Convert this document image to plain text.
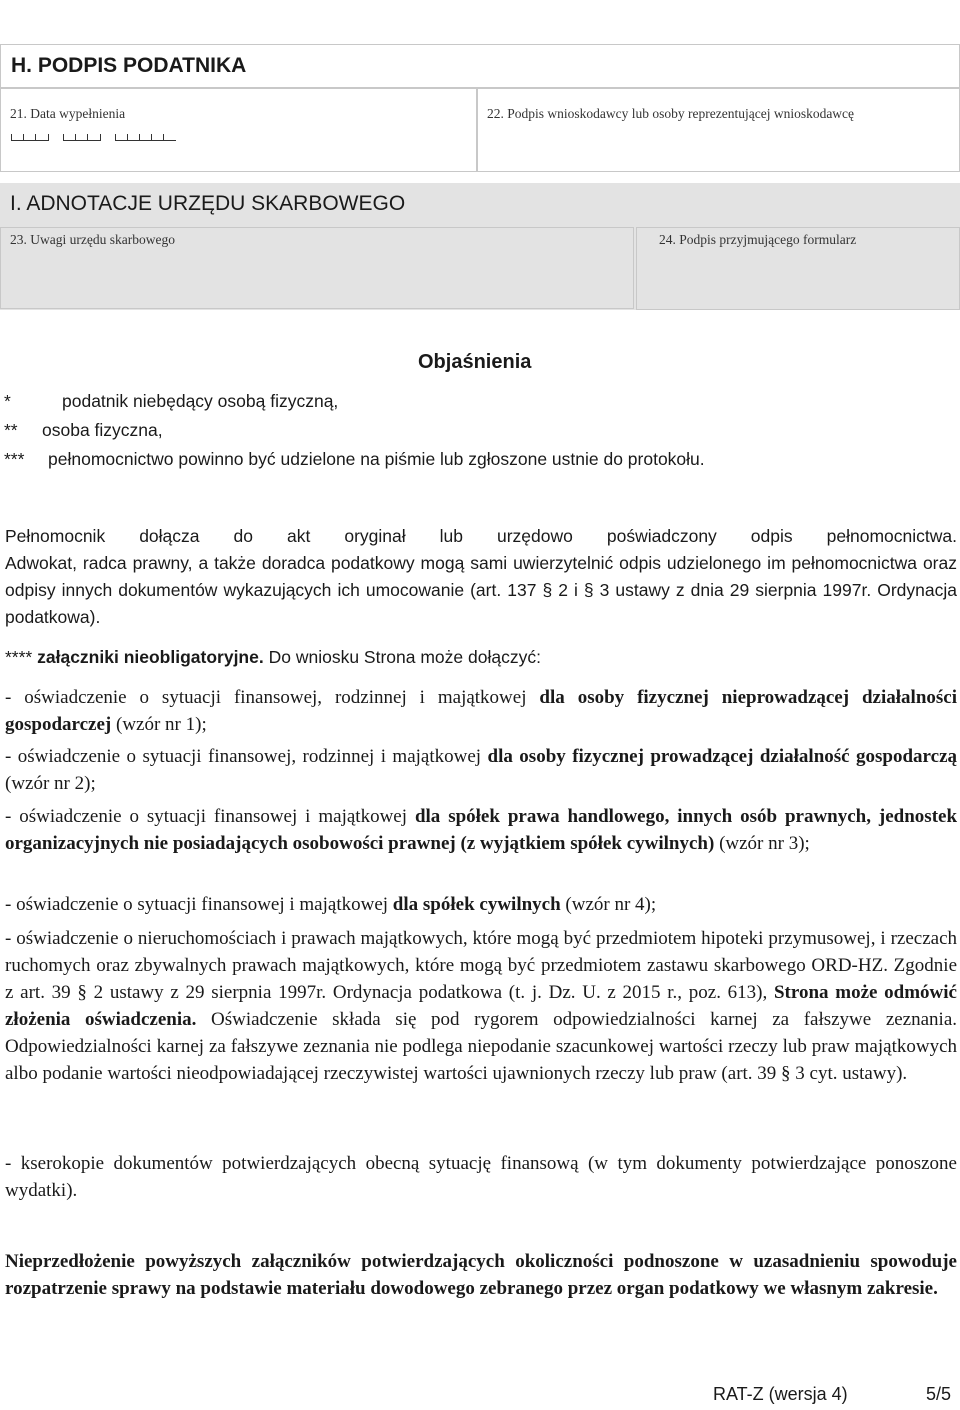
H. PODPIS PODATNIKA
21. Data wypełnienia	22. Podpis wnioskodawcy lub osoby reprezentującej wnioskodawcę
I. ADNOTACJE URZĘDU SKARBOWEGO
23. Uwagi urzędu skarbowego	24. Podpis przyjmującego formularz
Objaśnienia
*	podatnik niebędący osobą fizyczną,
** osoba fizyczna,
*** pełnomocnictwo powinno być udzielone na piśmie lub zgłoszone ustnie do protokołu.

Pełnomocnik dołącza do akt oryginał lub urzędowo poświadczony odpis pełnomocnictwa.

Adwokat, radca prawny, a także doradca podatkowy mogą sami uwierzytelnić odpis udzielonego im pełnomocnictwa oraz odpisy innych dokumentów wykazujących ich umocowanie (art. 137 § 2 i § 3 ustawy z dnia 29 sierpnia 1997r. Ordynacja podatkowa).

**** załączniki nieobligatoryjne. Do wniosku Strona może dołączyć:

- oświadczenie o sytuacji finansowej, rodzinnej i majątkowej dla osoby fizycznej nieprowadzącej działalności gospodarczej (wzór nr 1);

- oświadczenie o sytuacji finansowej, rodzinnej i majątkowej dla osoby fizycznej prowadzącej działalność gospodarczą (wzór nr 2);

- oświadczenie o sytuacji finansowej i majątkowej dla spółek prawa handlowego, innych osób prawnych, jednostek organizacyjnych nie posiadających osobowości prawnej (z wyjątkiem spółek cywilnych) (wzór nr 3);

- oświadczenie o sytuacji finansowej i majątkowej dla spółek cywilnych (wzór nr 4);

- oświadczenie o nieruchomościach i prawach majątkowych, które mogą być przedmiotem hipoteki przymusowej, i rzeczach ruchomych oraz zbywalnych prawach majątkowych, które mogą być przedmiotem zastawu skarbowego ORD-HZ. Zgodnie z art. 39 § 2 ustawy z 29 sierpnia 1997r. Ordynacja podatkowa (t. j. Dz. U. z 2015 r., poz. 613), Strona może odmówić złożenia oświadczenia. Oświadczenie składa się pod rygorem odpowiedzialności karnej za fałszywe zeznania. Odpowiedzialności karnej za fałszywe zeznania nie podlega niepodanie szacunkowej wartości rzeczy lub praw majątkowych albo podanie wartości nieodpowiadającej rzeczywistej wartości ujawnionych rzeczy lub praw (art. 39 § 3 cyt. ustawy).

- kserokopie dokumentów potwierdzających obecną sytuację finansową (w tym dokumenty potwierdzające ponoszone wydatki).

Nieprzedłożenie powyższych załączników potwierdzających okoliczności podnoszone w uzasadnieniu spowoduje rozpatrzenie sprawy na podstawie materiału dowodowego zebranego przez organ podatkowy we własnym zakresie.

RAT-Z (wersja 4)	5/5
